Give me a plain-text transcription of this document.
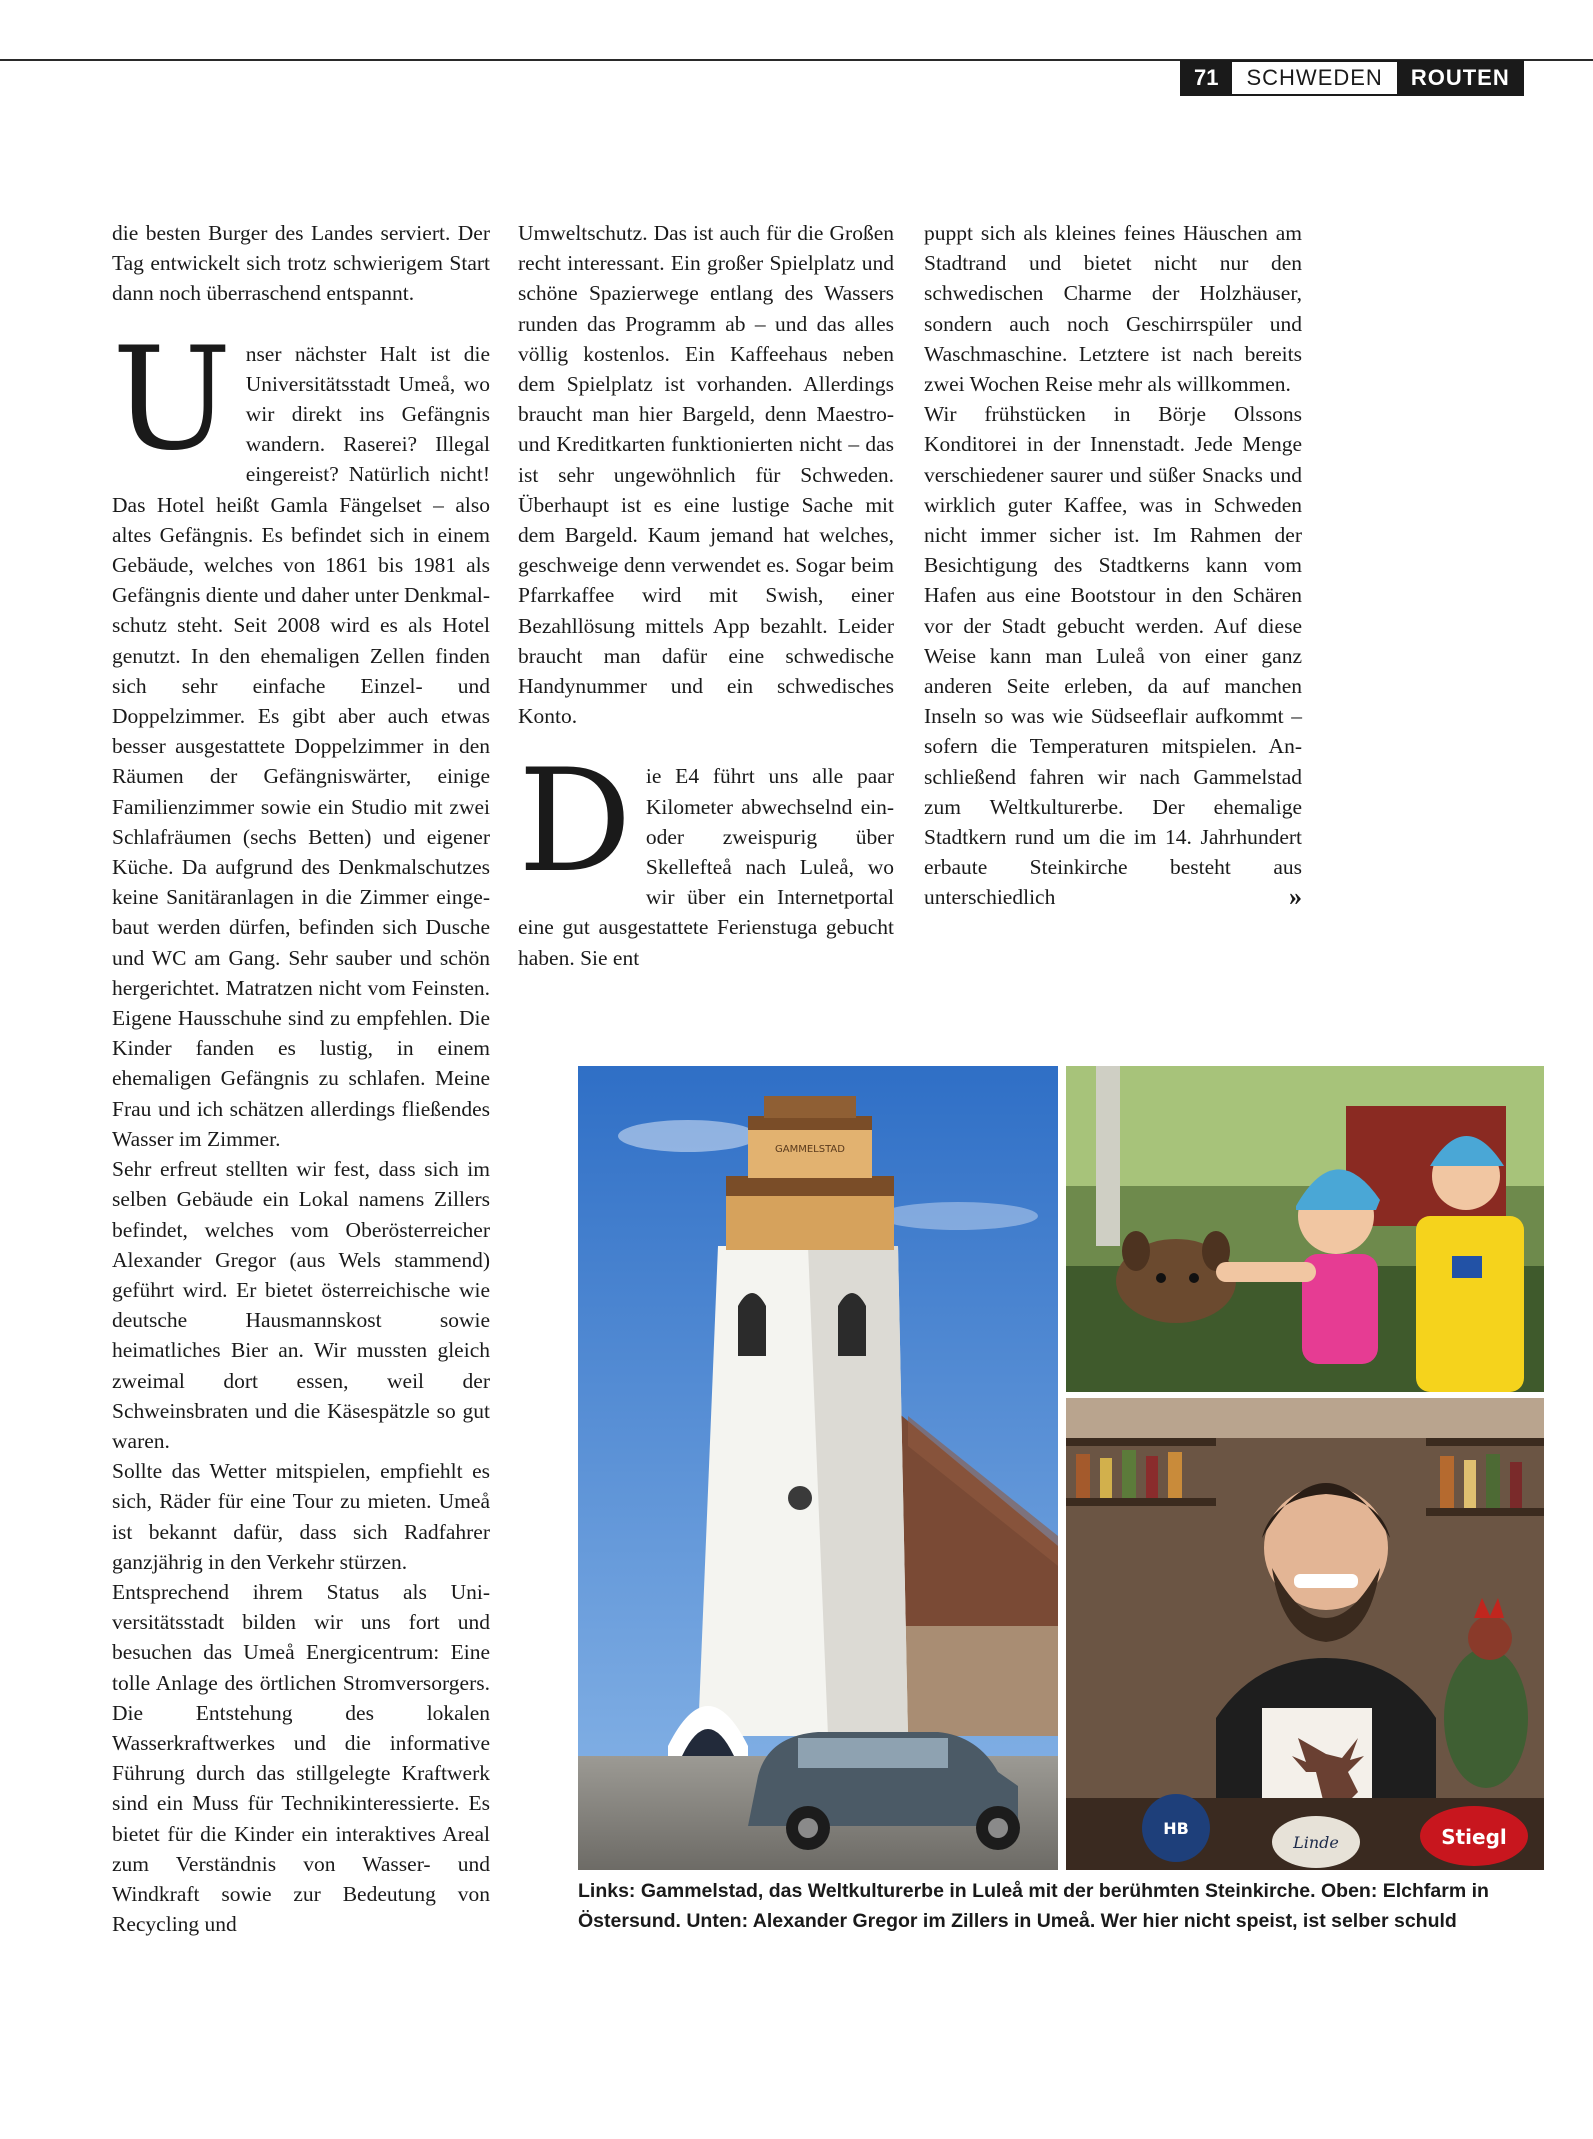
71	SCHWEDEN	ROUTEN

die besten Burger des Landes serviert. Der Tag entwickelt sich trotz schwierigem Start dann noch überraschend entspannt.

Unser nächster Halt ist die Universitätsstadt Umeå, wo wir direkt ins Gefängnis wandern. Raserei? Illegal eingereist? Natürlich nicht! Das Hotel heißt Gamla Fängelset – also altes Gefängnis. Es befindet sich in einem Gebäude, welches von 1861 bis 1981 als Gefängnis diente und daher unter Denkmalschutz steht. Seit 2008 wird es als Hotel genutzt. In den ehemaligen Zellen finden sich sehr einfache Einzel- und Doppelzimmer. Es gibt aber auch etwas besser ausgestattete Doppelzimmer in den Räumen der Gefängniswärter, einige Familienzimmer sowie ein Studio mit zwei Schlafräumen (sechs Betten) und eigener Küche. Da aufgrund des Denkmalschutzes keine Sanitäranlagen in die Zimmer eingebaut werden dürfen, befinden sich Dusche und WC am Gang. Sehr sauber und schön hergerichtet. Matratzen nicht vom Feinsten. Eigene Hausschuhe sind zu empfehlen. Die Kinder fanden es lustig, in einem ehemaligen Gefängnis zu schlafen. Meine Frau und ich schätzen allerdings fließendes Wasser im Zimmer.

Sehr erfreut stellten wir fest, dass sich im selben Gebäude ein Lokal namens Zillers befindet, welches vom Oberösterreicher Alexander Gregor (aus Wels stammend) geführt wird. Er bietet österreichische wie deutsche Hausmannskost sowie heimatliches Bier an. Wir mussten gleich zweimal dort essen, weil der Schweinsbraten und die Käsespätzle so gut waren.

Sollte das Wetter mitspielen, empfiehlt es sich, Räder für eine Tour zu mieten. Umeå ist bekannt dafür, dass sich Radfahrer ganzjährig in den Verkehr stürzen.

Entsprechend ihrem Status als Universitätsstadt bilden wir uns fort und besuchen das Umeå Energicentrum: Eine tolle Anlage des örtlichen Stromversorgers. Die Entstehung des lokalen Wasserkraftwerkes und die informative Führung durch das stillgelegte Kraftwerk sind ein Muss für Technikinteressierte. Es bietet für die Kinder ein interaktives Areal zum Verständnis von Wasser- und Windkraft sowie zur Bedeutung von Recycling und

Umweltschutz. Das ist auch für die Großen recht interessant. Ein großer Spielplatz und schöne Spazierwege entlang des Wassers runden das Programm ab – und das alles völlig kostenlos. Ein Kaffeehaus neben dem Spielplatz ist vorhanden. Allerdings braucht man hier Bargeld, denn Maestro- und Kreditkarten funktionierten nicht – das ist sehr ungewöhnlich für Schweden. Überhaupt ist es eine lustige Sache mit dem Bargeld. Kaum jemand hat welches, geschweige denn verwendet es. Sogar beim Pfarrkaffee wird mit Swish, einer Bezahllösung mittels App bezahlt. Leider braucht man dafür eine schwedische Handynummer und ein schwedisches Konto.

Die E4 führt uns alle paar Kilometer abwechselnd ein- oder zweispurig über Skellefteå nach Luleå, wo wir über ein Internetportal eine gut ausgestattete Ferienstuga gebucht haben. Sie ent

puppt sich als kleines feines Häuschen am Stadtrand und bietet nicht nur den schwedischen Charme der Holzhäuser, sondern auch noch Geschirrspüler und Waschmaschine. Letztere ist nach bereits zwei Wochen Reise mehr als willkommen.

Wir frühstücken in Börje Olssons Konditorei in der Innenstadt. Jede Menge verschiedener saurer und süßer Snacks und wirklich guter Kaffee, was in Schweden nicht immer sicher ist. Im Rahmen der Besichtigung des Stadtkerns kann vom Hafen aus eine Bootstour in den Schären vor der Stadt gebucht werden. Auf diese Weise kann man Luleå von einer ganz anderen Seite erleben, da auf manchen Inseln so was wie Südseeflair aufkommt – sofern die Temperaturen mitspielen. Anschließend fahren wir nach Gammelstad zum Weltkulturerbe. Der ehemalige Stadtkern rund um die im 14. Jahrhundert erbaute Steinkirche besteht aus unterschiedlich	»

GAMMELSTAD
HB
Linde	Stiegl
Links: Gammelstad, das Weltkulturerbe in Luleå mit der berühmten Steinkirche. Oben: Elchfarm in Östersund. Unten: Alexander Gregor im Zillers in Umeå. Wer hier nicht speist, ist selber schuld
